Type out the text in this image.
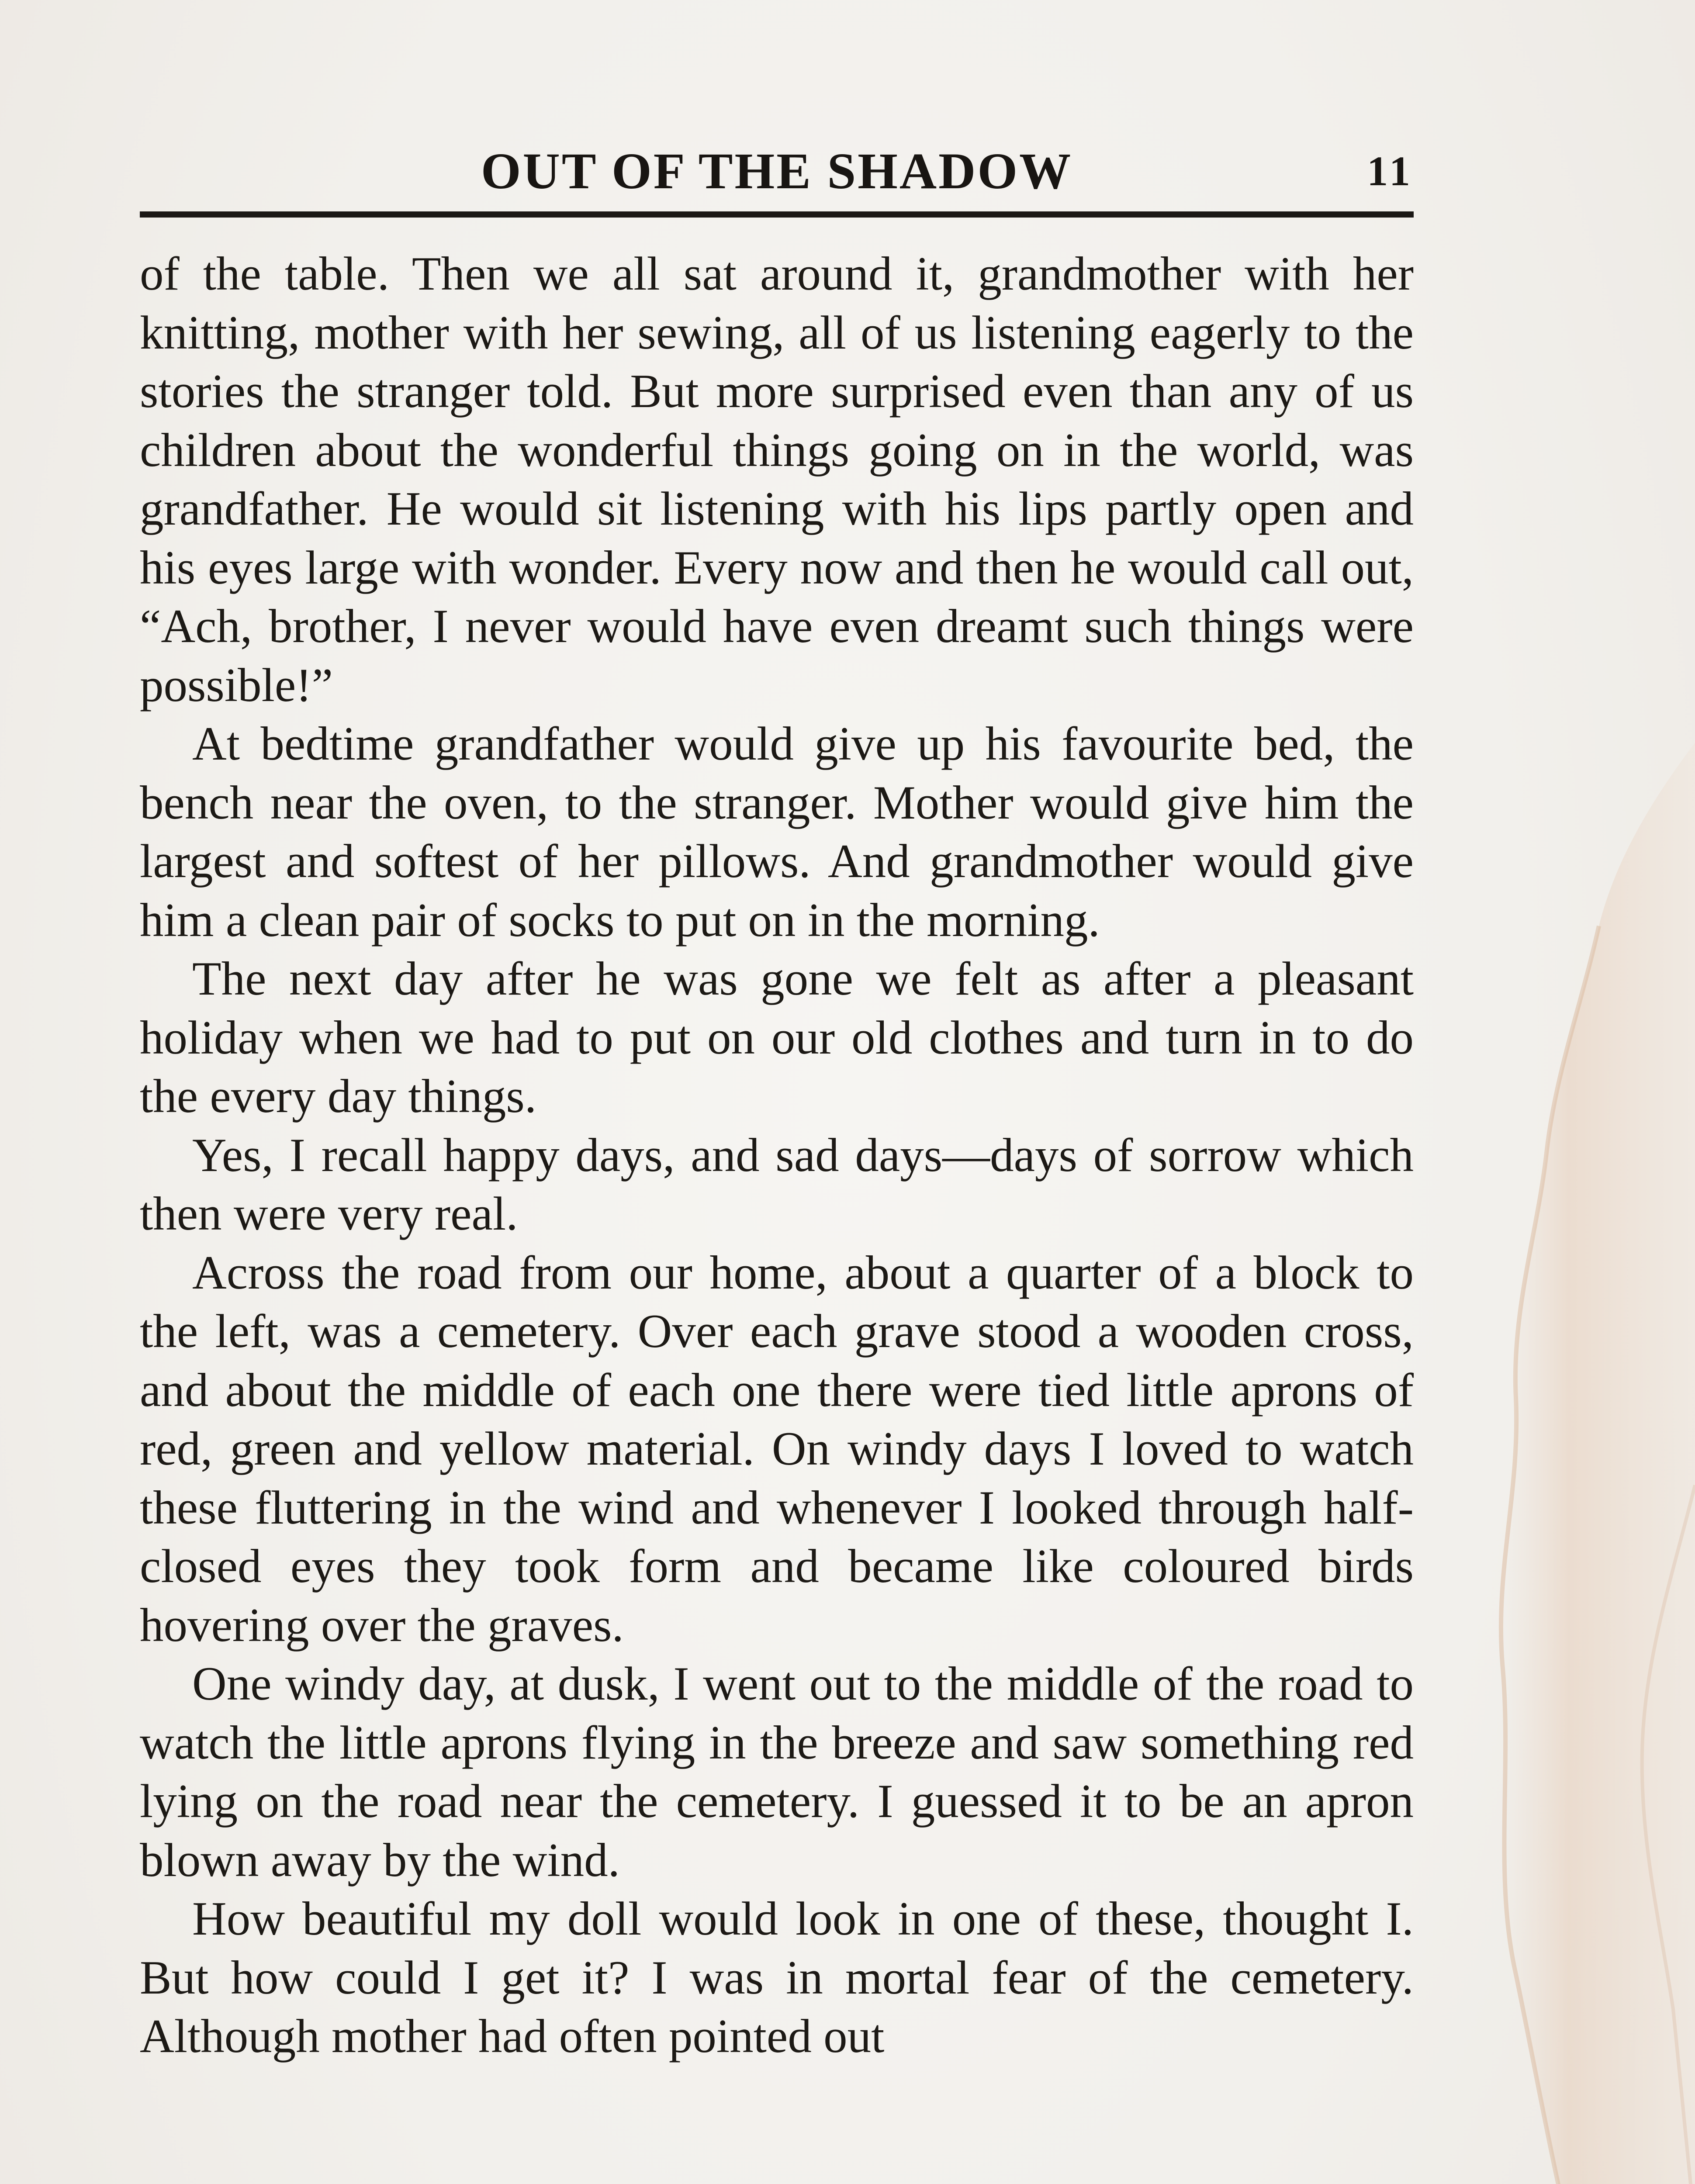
OUT OF THE SHADOW	11

of the table. Then we all sat around it, grandmother with her knitting, mother with her sewing, all of us listening eagerly to the stories the stranger told. But more surprised even than any of us children about the wonderful things going on in the world, was grandfather. He would sit listening with his lips partly open and his eyes large with wonder. Every now and then he would call out, “Ach, brother, I never would have even dreamt such things were possible!”

At bedtime grandfather would give up his favourite bed, the bench near the oven, to the stranger. Mother would give him the largest and softest of her pillows. And grandmother would give him a clean pair of socks to put on in the morning.

The next day after he was gone we felt as after a pleasant holiday when we had to put on our old clothes and turn in to do the every day things.

Yes, I recall happy days, and sad days—days of sorrow which then were very real.

Across the road from our home, about a quarter of a block to the left, was a cemetery. Over each grave stood a wooden cross, and about the middle of each one there were tied little aprons of red, green and yellow material. On windy days I loved to watch these fluttering in the wind and whenever I looked through half-closed eyes they took form and became like coloured birds hovering over the graves.

One windy day, at dusk, I went out to the middle of the road to watch the little aprons flying in the breeze and saw something red lying on the road near the cemetery. I guessed it to be an apron blown away by the wind.

How beautiful my doll would look in one of these, thought I. But how could I get it? I was in mortal fear of the cemetery. Although mother had often pointed out
